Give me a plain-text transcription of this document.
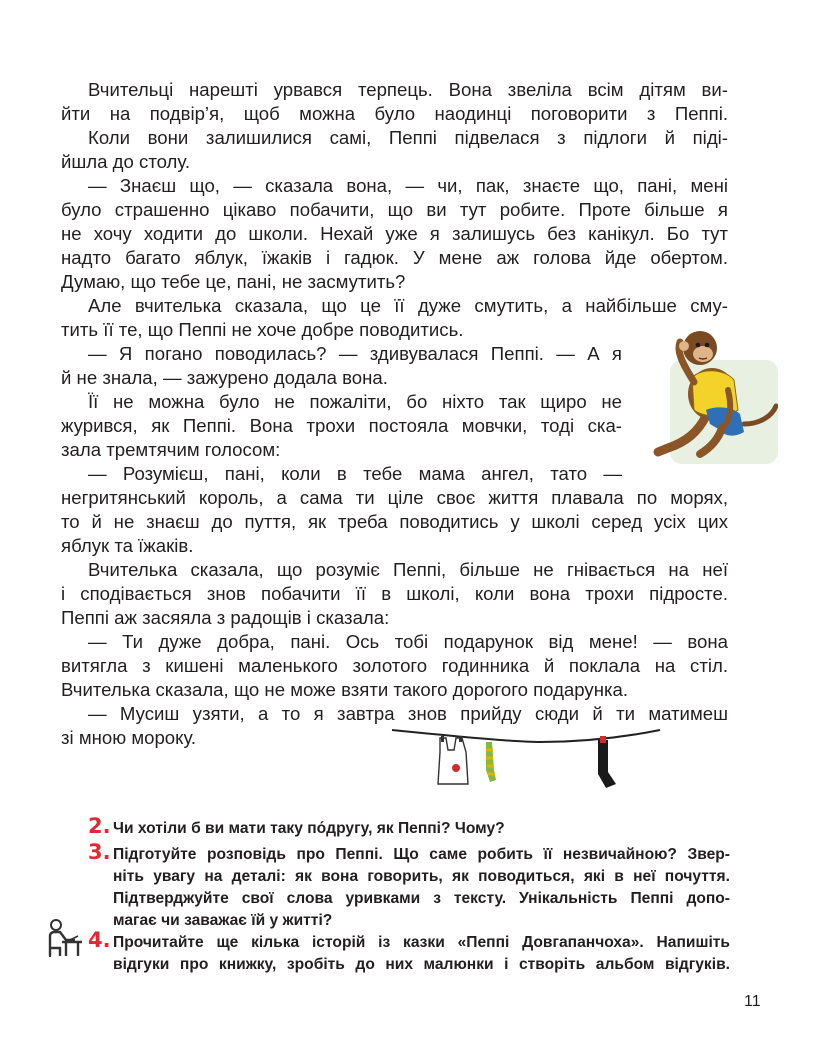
Вчительці нарешті урвався терпець. Вона звеліла всім дітям ви-
йти на подвір’я, щоб можна було наодинці поговорити з Пеппі.
Коли вони залишилися самі, Пеппі підвелася з підлоги й піді-
йшла до столу.
— Знаєш що, — сказала вона, — чи, пак, знаєте що, пані, мені
було страшенно цікаво побачити, що ви тут робите. Проте більше я
не хочу ходити до школи. Нехай уже я залишусь без канікул. Бо тут
надто багато яблук, їжаків і гадюк. У мене аж голова йде обертом.
Думаю, що тебе це, пані, не засмутить?
Але вчителька сказала, що це її дуже смутить, а найбільше сму-
тить її те, що Пеппі не хоче добре поводитись.
— Я погано поводилась? — здивувалася Пеппі. — А я
й не знала, — зажурено додала вона.
Її не можна було не пожаліти, бо ніхто так щиро не
журився, як Пеппі. Вона трохи постояла мовчки, тоді ска-
зала тремтячим голосом:
— Розумієш, пані, коли в тебе мама ангел, тато —
негритянський король, а сама ти ціле своє життя плавала по морях,
то й не знаєш до пуття, як треба поводитись у школі серед усіх цих
яблук та їжаків.
Вчителька сказала, що розуміє Пеппі, більше не гнівається на неї
і сподівається знов побачити її в школі, коли вона трохи підросте.
Пеппі аж засяяла з радощів і сказала:
— Ти дуже добра, пані. Ось тобі подарунок від мене! — вона
витягла з кишені маленького золотого годинника й поклала на стіл.
Вчителька сказала, що не може взяти такого дорогого подарунка.
— Мусиш узяти, а то я завтра знов прийду сюди й ти матимеш
зі мною мороку.
2. Чи хотіли б ви мати таку по́другу, як Пеппі? Чому?
3. Підготуйте розповідь про Пеппі. Що саме робить її незвичайною? Звер-
ніть увагу на деталі: як вона говорить, як поводиться, які в неї почуття.
Підтверджуйте свої слова уривками з тексту. Унікальність Пеппі допо-
магає чи заважає їй у житті?
4. Прочитайте ще кілька історій із казки «Пеппі Довгапанчоха». Напишіть
відгуки про книжку, зробіть до них малюнки і створіть альбом відгуків.
11
